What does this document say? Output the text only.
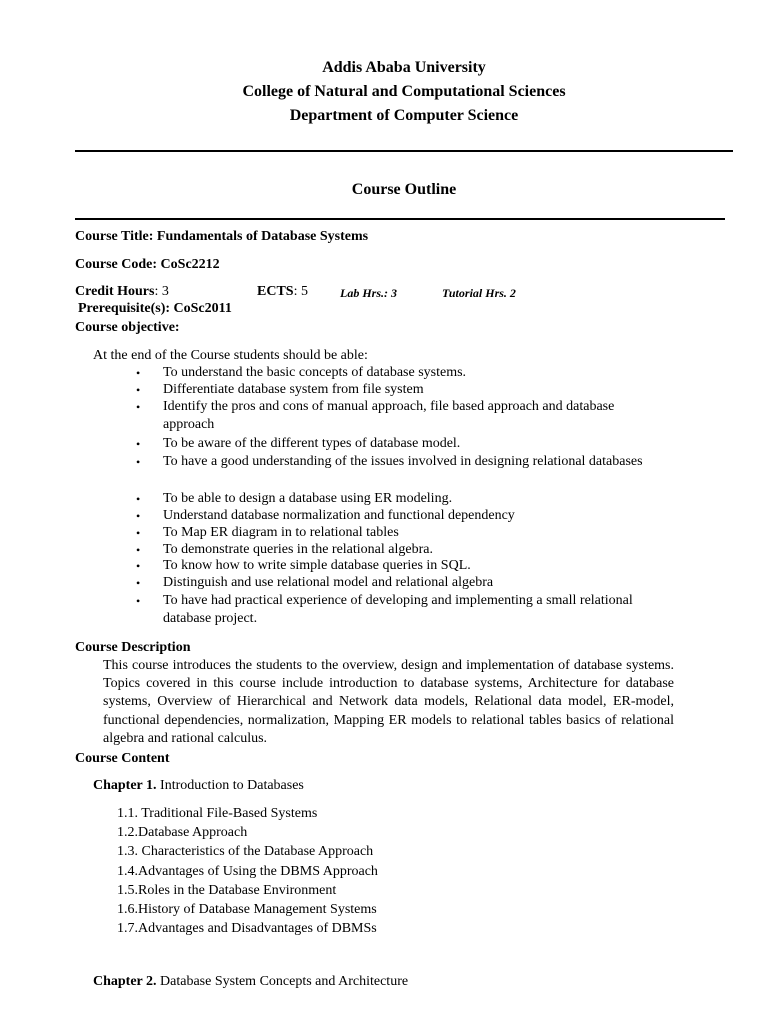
Addis Ababa University
College of Natural and Computational Sciences
Department of Computer Science
Course Outline
Course Title: Fundamentals of Database Systems
Course Code: CoSc2212
Credit Hours: 3	ECTS: 5	Lab Hrs.: 3	Tutorial Hrs. 2
Prerequisite(s): CoSc2011
Course objective:
At the end of the Course students should be able:
• To understand the basic concepts of database systems.
• Differentiate database system from file system
• Identify the pros and cons of manual approach, file based approach and database approach
• To be aware of the different types of database model.
• To have a good understanding of the issues involved in designing relational databases
• To be able to design a database using ER modeling.
• Understand database normalization and functional dependency
• To Map ER diagram in to relational tables
• To demonstrate queries in the relational algebra.
• To know how to write simple database queries in SQL.
• Distinguish and use relational model and relational algebra
• To have had practical experience of developing and implementing a small relational database project.
Course Description
This course introduces the students to the overview, design and implementation of database systems. Topics covered in this course include introduction to database systems, Architecture for database systems, Overview of Hierarchical and Network data models, Relational data model, ER-model, functional dependencies, normalization, Mapping ER models to relational tables basics of relational algebra and rational calculus.
Course Content
Chapter 1. Introduction to Databases
1.1. Traditional File-Based Systems
1.2.Database Approach
1.3. Characteristics of the Database Approach
1.4.Advantages of Using the DBMS Approach
1.5.Roles in the Database Environment
1.6.History of Database Management Systems
1.7.Advantages and Disadvantages of DBMSs
Chapter 2. Database System Concepts and Architecture
